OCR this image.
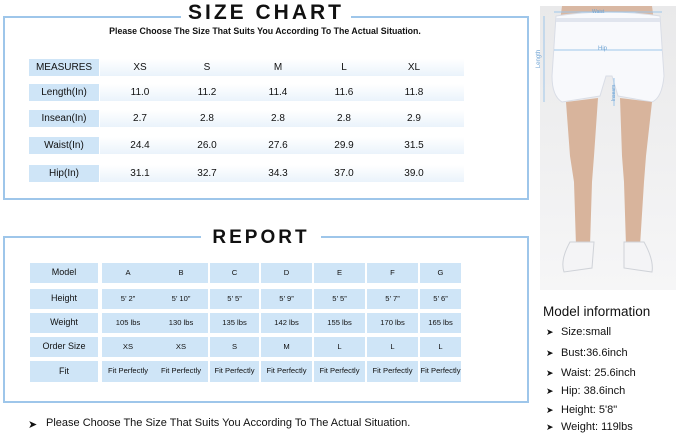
SIZE CHART
Please Choose The Size That Suits You According To The Actual Situation.
MEASURES	XS	S	M	L	XL
Length(In)	11.0	11.2	11.4	11.6	11.8
Insean(In)	2.7	2.8	2.8	2.8	2.9
Waist(In)	24.4	26.0	27.6	29.9	31.5
Hip(In)	31.1	32.7	34.3	37.0	39.0
REPORT
Model	A	B	C	D	E	F	G
Height	5’ 2”	5’ 10”	5’ 5”	5’ 9”	5’ 5”	5’ 7”	5’ 6”
Weight	105 lbs	130 lbs	135 lbs	142 lbs	155 lbs	170 lbs	165 lbs
Order Size	XS	XS	S	M	L	L	L
Fit	Fit Perfectly	Fit Perfectly	Fit Perfectly	Fit Perfectly	Fit Perfectly	Fit Perfectly	Fit Perfectly
➤ Please Choose The Size That Suits You According To The Actual Situation.
Waist
Hip
Length
Inseam
Model information
➤ Size:small
➤ Bust:36.6inch
➤ Waist: 25.6inch
➤ Hip: 38.6inch
➤ Height: 5'8"
➤ Weight: 119lbs
